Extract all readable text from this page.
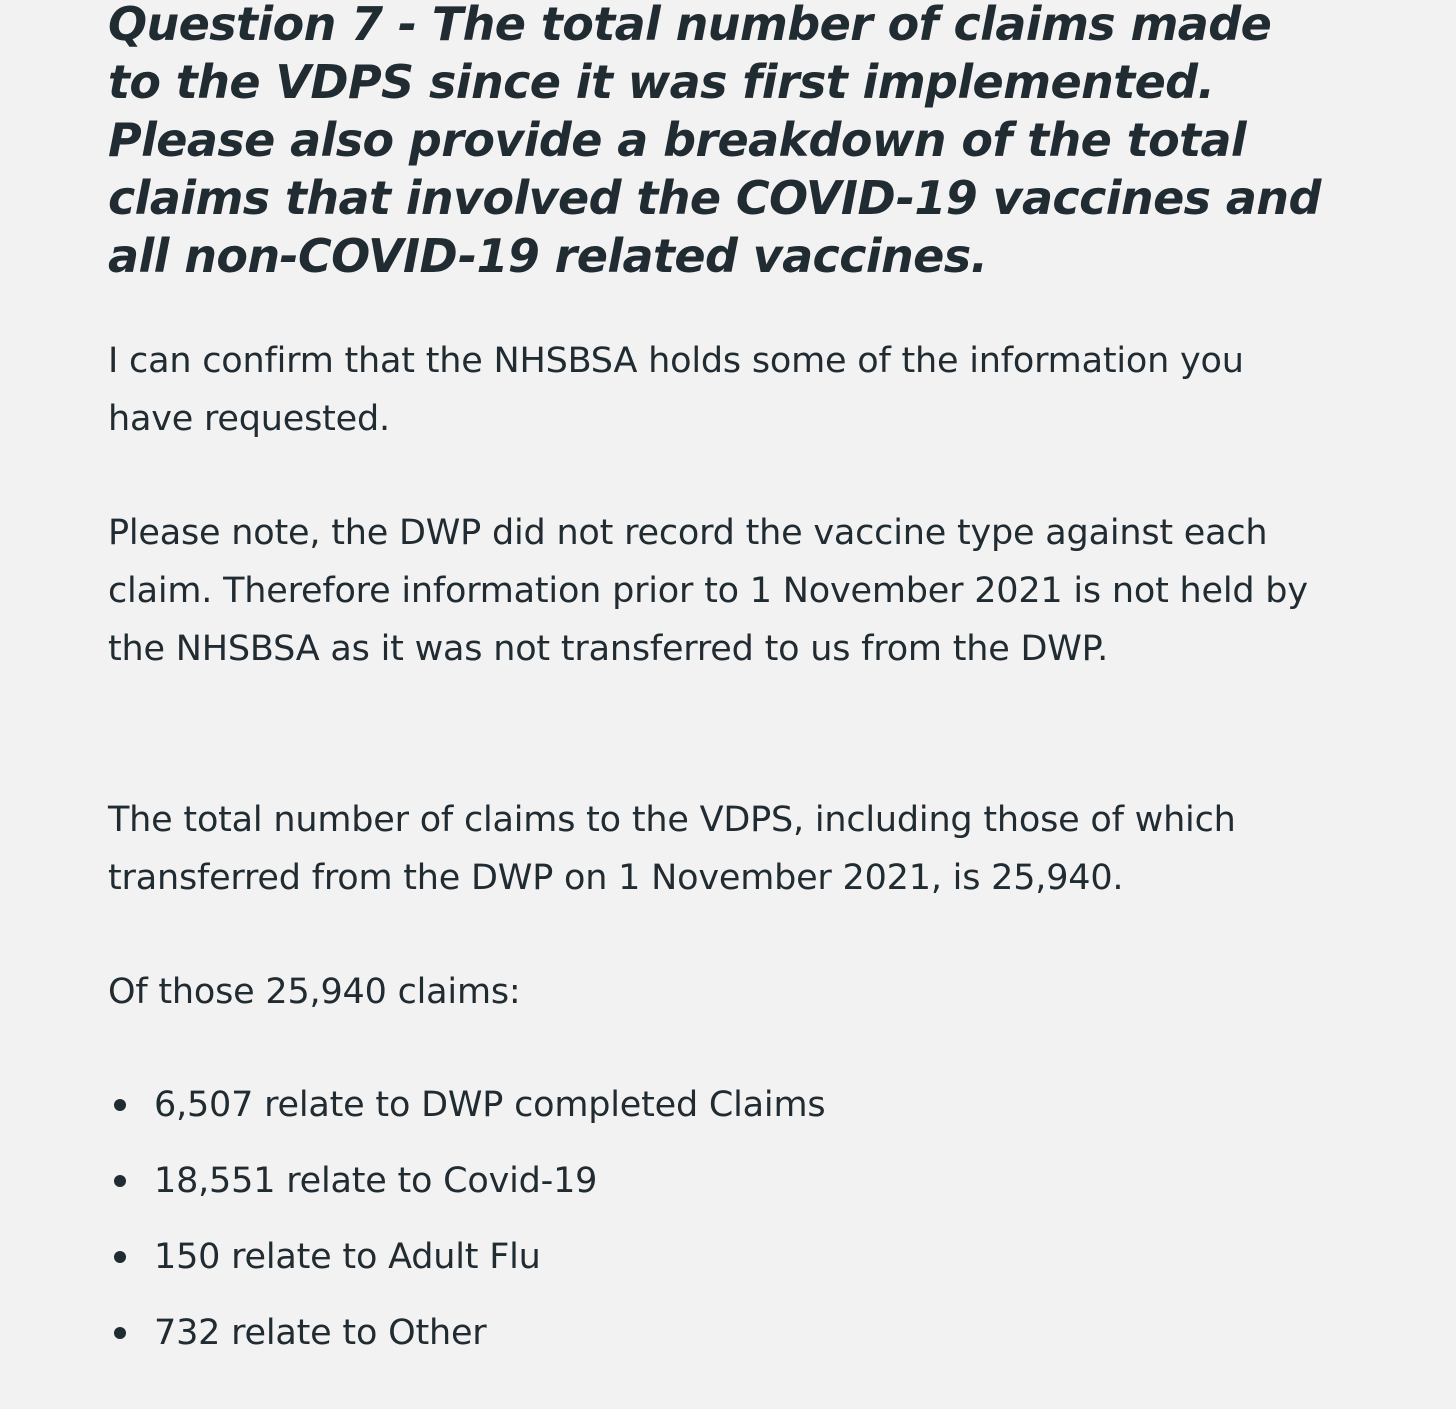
Question 7 - The total number of claims made to the VDPS since it was first implemented. Please also provide a breakdown of the total claims that involved the COVID-19 vaccines and all non-COVID-19 related vaccines.

I can confirm that the NHSBSA holds some of the information you have requested.

Please note, the DWP did not record the vaccine type against each claim. Therefore information prior to 1 November 2021 is not held by the NHSBSA as it was not transferred to us from the DWP.

The total number of claims to the VDPS, including those of which transferred from the DWP on 1 November 2021, is 25,940.

Of those 25,940 claims:

6,507 relate to DWP completed Claims
18,551 relate to Covid-19
150 relate to Adult Flu
732 relate to Other
